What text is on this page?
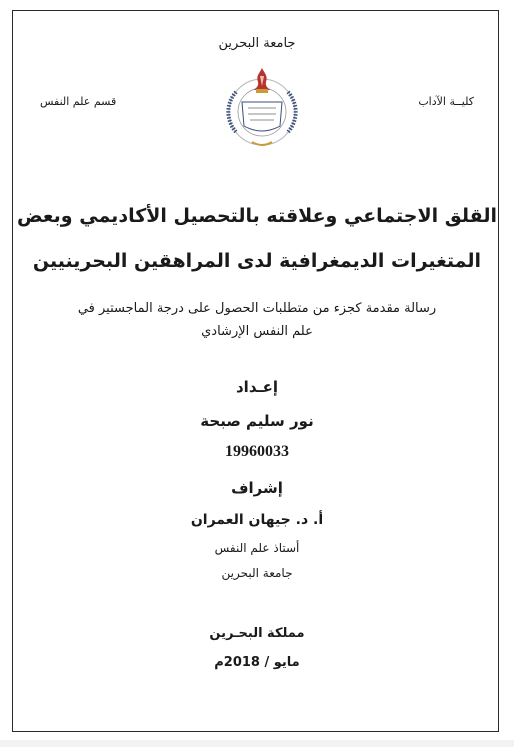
جامعة البحرين
قسم علم النفس	كليــة الآداب
القلق الاجتماعي وعلاقته بالتحصيل الأكاديمي وبعض
المتغيرات الديمغرافية لدى المراهقين البحرينيين
رسالة مقدمة كجزء من متطلبات الحصول على درجة الماجستير في
علم النفس الإرشادي
إعـداد
نور سليم صبحة
19960033
إشراف
أ. د. جيهان العمران
أستاذ علم النفس
جامعة البحرين
مملكة البحـرين
مايو / 2018م
